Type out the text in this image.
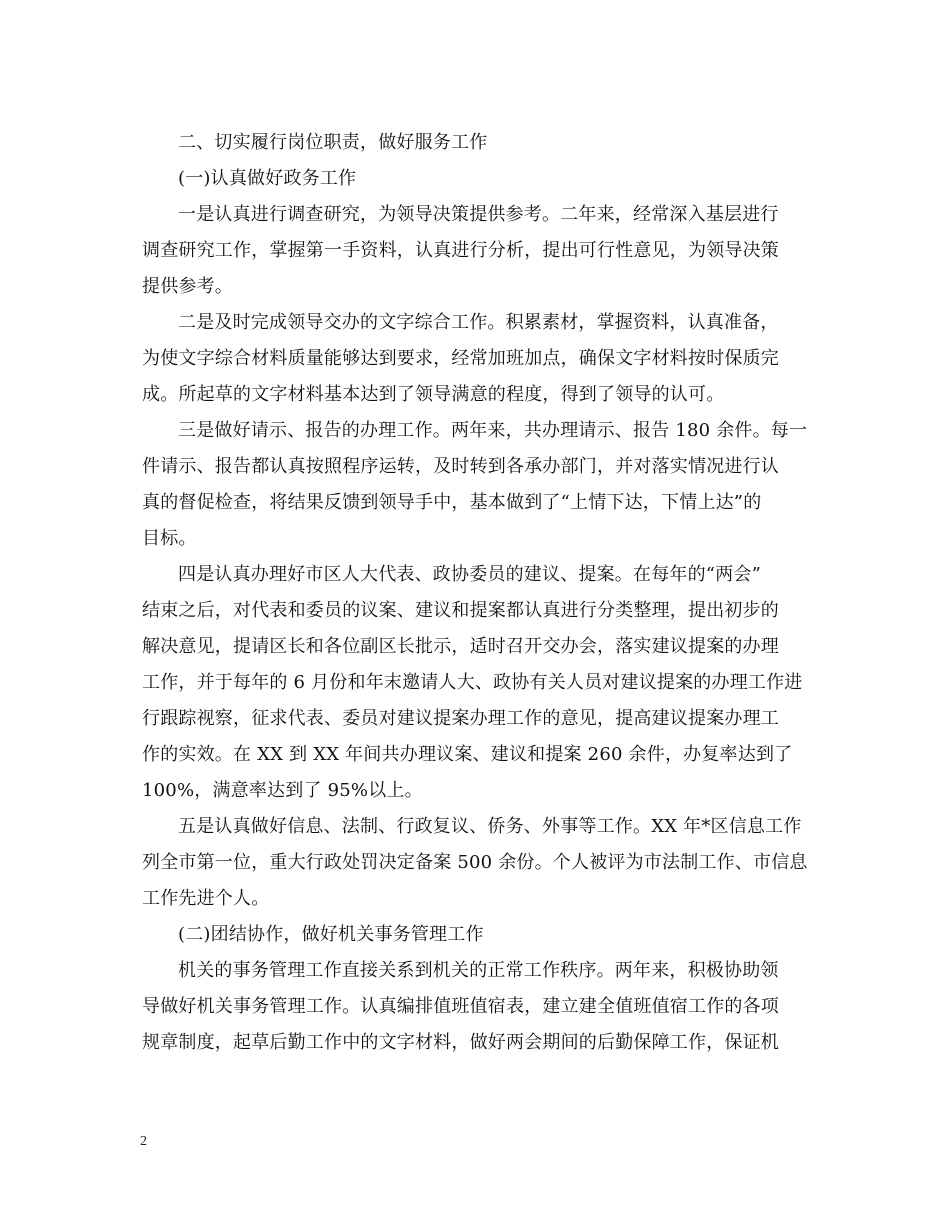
二、切实履行岗位职责，做好服务工作
(一)认真做好政务工作
一是认真进行调查研究，为领导决策提供参考。二年来，经常深入基层进行
调查研究工作，掌握第一手资料，认真进行分析，提出可行性意见，为领导决策
提供参考。
二是及时完成领导交办的文字综合工作。积累素材，掌握资料，认真准备，
为使文字综合材料质量能够达到要求，经常加班加点，确保文字材料按时保质完
成。所起草的文字材料基本达到了领导满意的程度，得到了领导的认可。
三是做好请示、报告的办理工作。两年来，共办理请示、报告 180 余件。每一
件请示、报告都认真按照程序运转，及时转到各承办部门，并对落实情况进行认
真的督促检查，将结果反馈到领导手中，基本做到了“上情下达，下情上达”的
目标。
四是认真办理好市区人大代表、政协委员的建议、提案。在每年的“两会”
结束之后，对代表和委员的议案、建议和提案都认真进行分类整理，提出初步的
解决意见，提请区长和各位副区长批示，适时召开交办会，落实建议提案的办理
工作，并于每年的 6 月份和年末邀请人大、政协有关人员对建议提案的办理工作进
行跟踪视察，征求代表、委员对建议提案办理工作的意见，提高建议提案办理工
作的实效。在 XX 到 XX 年间共办理议案、建议和提案 260 余件，办复率达到了
100%，满意率达到了 95%以上。
五是认真做好信息、法制、行政复议、侨务、外事等工作。XX 年*区信息工作
列全市第一位，重大行政处罚决定备案 500 余份。个人被评为市法制工作、市信息
工作先进个人。
(二)团结协作，做好机关事务管理工作
机关的事务管理工作直接关系到机关的正常工作秩序。两年来，积极协助领
导做好机关事务管理工作。认真编排值班值宿表，建立建全值班值宿工作的各项
规章制度，起草后勤工作中的文字材料，做好两会期间的后勤保障工作，保证机
2
